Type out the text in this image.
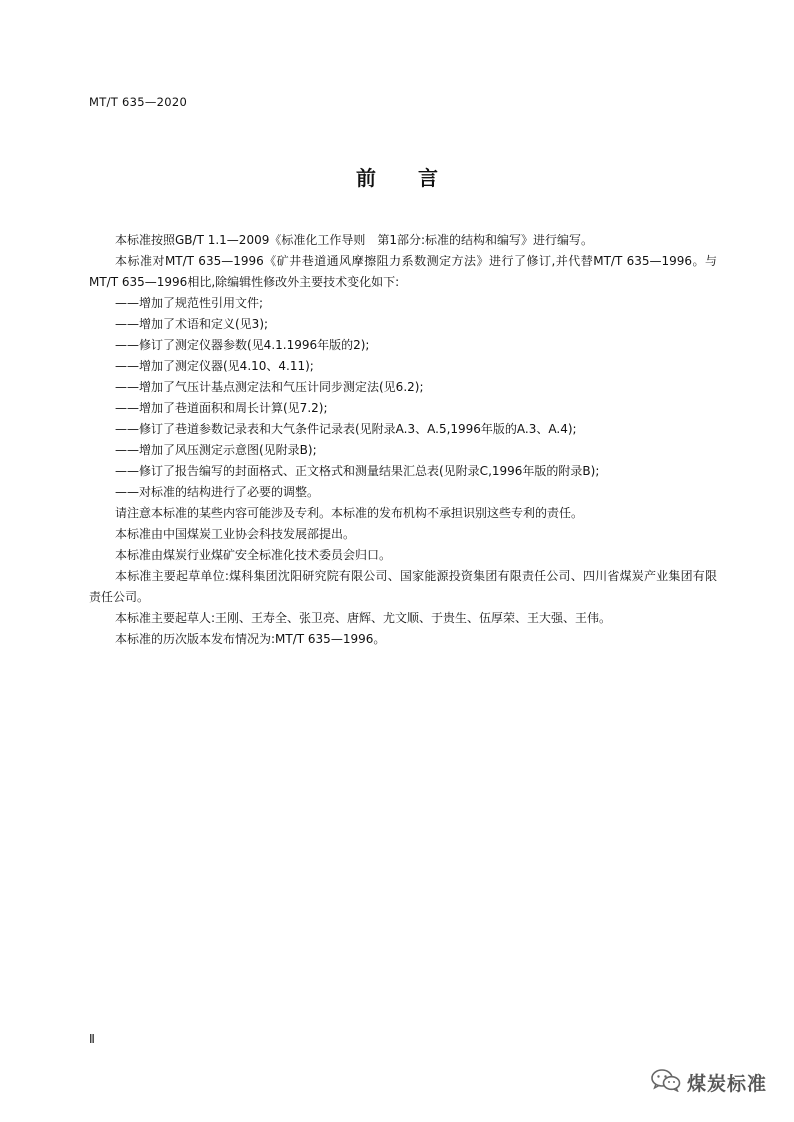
MT/T 635—2020
前言

本标准按照GB/T 1.1—2009《标准化工作导则　第1部分:标准的结构和编写》进行编写。

本标准对MT/T 635—1996《矿井巷道通风摩擦阻力系数测定方法》进行了修订,并代替MT/T 635—1996。与MT/T 635—1996相比,除编辑性修改外主要技术变化如下:

——增加了规范性引用文件;

——增加了术语和定义(见3);

——修订了测定仪器参数(见4.1.1996年版的2);

——增加了测定仪器(见4.10、4.11);

——增加了气压计基点测定法和气压计同步测定法(见6.2);

——增加了巷道面积和周长计算(见7.2);

——修订了巷道参数记录表和大气条件记录表(见附录A.3、A.5,1996年版的A.3、A.4);

——增加了风压测定示意图(见附录B);

——修订了报告编写的封面格式、正文格式和测量结果汇总表(见附录C,1996年版的附录B);

——对标准的结构进行了必要的调整。

请注意本标准的某些内容可能涉及专利。本标准的发布机构不承担识别这些专利的责任。

本标准由中国煤炭工业协会科技发展部提出。

本标准由煤炭行业煤矿安全标准化技术委员会归口。

本标准主要起草单位:煤科集团沈阳研究院有限公司、国家能源投资集团有限责任公司、四川省煤炭产业集团有限责任公司。

本标准主要起草人:王刚、王寿全、张卫亮、唐辉、尤文顺、于贵生、伍厚荣、王大强、王伟。

本标准的历次版本发布情况为:MT/T 635—1996。

Ⅱ
煤炭标准
